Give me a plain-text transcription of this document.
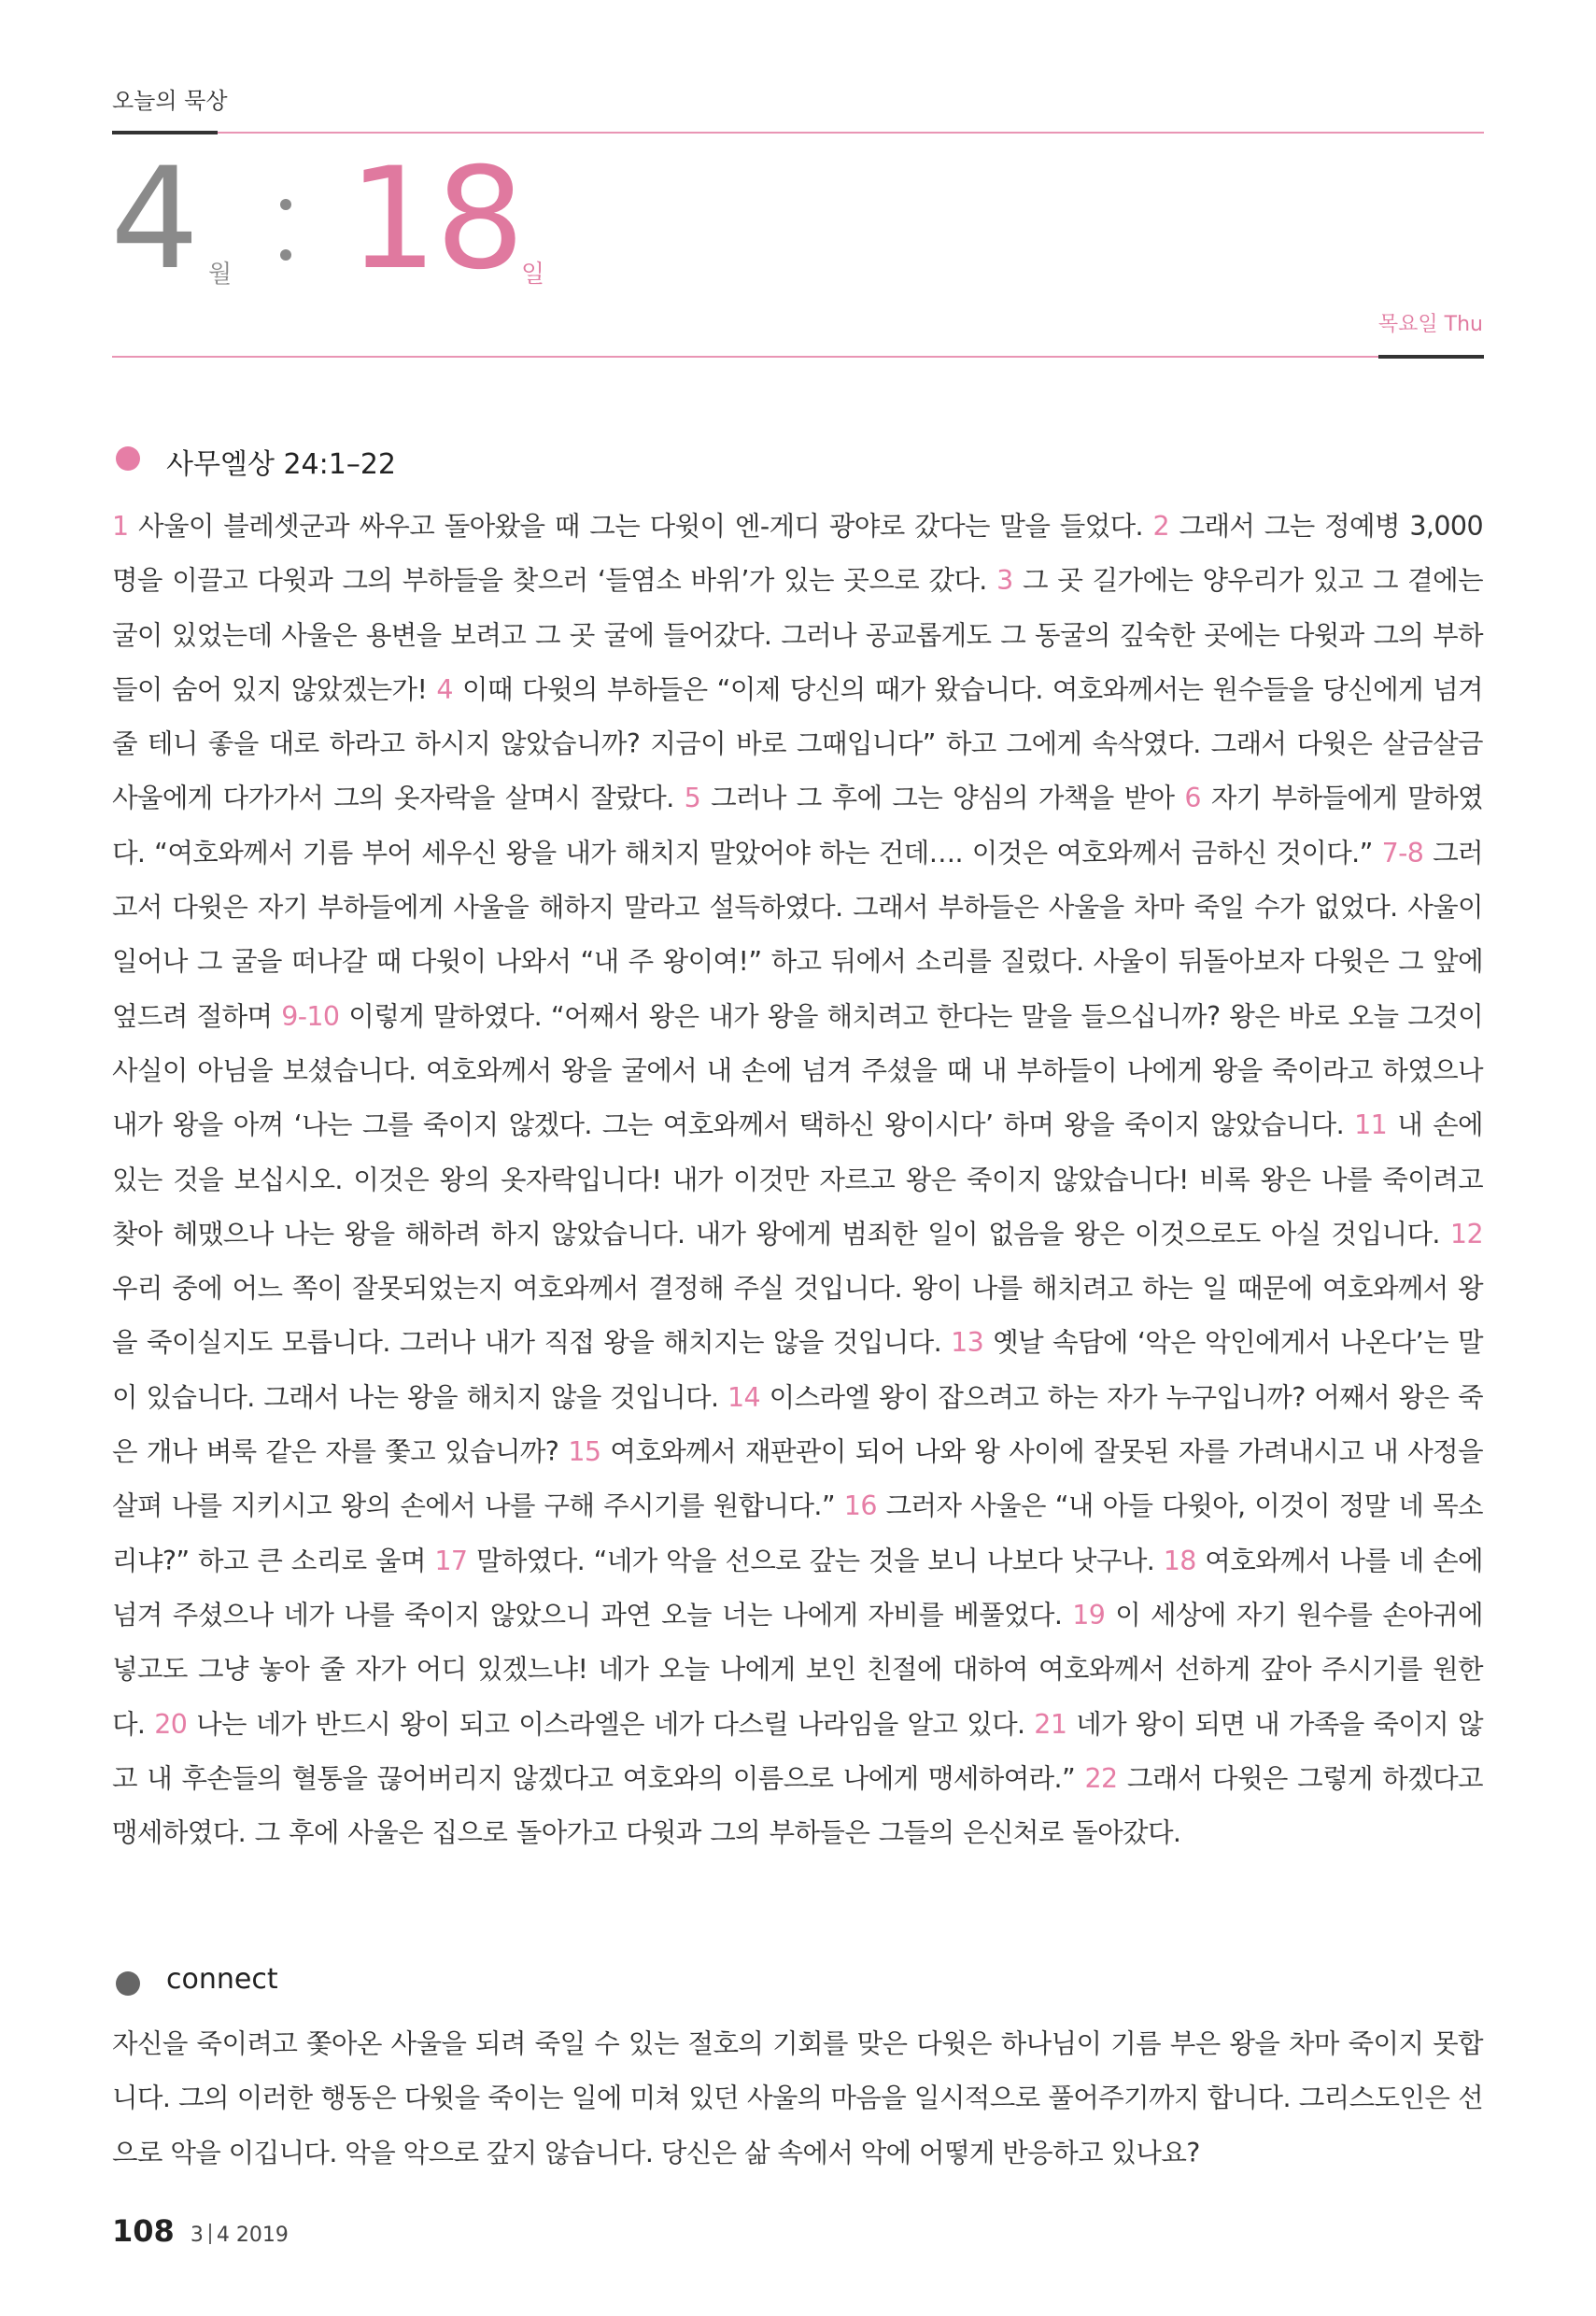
오늘의 묵상
4 월 18
일
목요일 Thu
사무엘상 24:1–22
1 사울이 블레셋군과 싸우고 돌아왔을 때 그는 다윗이 엔-게디 광야로 갔다는 말을 들었다. 2 그래서 그는 정예병 3,000명을 이끌고 다윗과 그의 부하들을 찾으러 ‘들염소 바위’가 있는 곳으로 갔다. 3 그 곳 길가에는 양우리가 있고 그 곁에는 굴이 있었는데 사울은 용변을 보려고 그 곳 굴에 들어갔다. 그러나 공교롭게도 그 동굴의 깊숙한 곳에는 다윗과 그의 부하들이 숨어 있지 않았겠는가! 4 이때 다윗의 부하들은 “이제 당신의 때가 왔습니다. 여호와께서는 원수들을 당신에게 넘겨 줄 테니 좋을 대로 하라고 하시지 않았습니까? 지금이 바로 그때입니다” 하고 그에게 속삭였다. 그래서 다윗은 살금살금 사울에게 다가가서 그의 옷자락을 살며시 잘랐다. 5 그러나 그 후에 그는 양심의 가책을 받아 6 자기 부하들에게 말하였다. “여호와께서 기름 부어 세우신 왕을 내가 해치지 말았어야 하는 건데…. 이것은 여호와께서 금하신 것이다.” 7-8 그러고서 다윗은 자기 부하들에게 사울을 해하지 말라고 설득하였다. 그래서 부하들은 사울을 차마 죽일 수가 없었다. 사울이 일어나 그 굴을 떠나갈 때 다윗이 나와서 “내 주 왕이여!” 하고 뒤에서 소리를 질렀다. 사울이 뒤돌아보자 다윗은 그 앞에 엎드려 절하며 9-10 이렇게 말하였다. “어째서 왕은 내가 왕을 해치려고 한다는 말을 들으십니까? 왕은 바로 오늘 그것이 사실이 아님을 보셨습니다. 여호와께서 왕을 굴에서 내 손에 넘겨 주셨을 때 내 부하들이 나에게 왕을 죽이라고 하였으나 내가 왕을 아껴 ‘나는 그를 죽이지 않겠다. 그는 여호와께서 택하신 왕이시다’ 하며 왕을 죽이지 않았습니다. 11 내 손에 있는 것을 보십시오. 이것은 왕의 옷자락입니다! 내가 이것만 자르고 왕은 죽이지 않았습니다! 비록 왕은 나를 죽이려고 찾아 헤맸으나 나는 왕을 해하려 하지 않았습니다. 내가 왕에게 범죄한 일이 없음을 왕은 이것으로도 아실 것입니다. 12 우리 중에 어느 쪽이 잘못되었는지 여호와께서 결정해 주실 것입니다. 왕이 나를 해치려고 하는 일 때문에 여호와께서 왕을 죽이실지도 모릅니다. 그러나 내가 직접 왕을 해치지는 않을 것입니다. 13 옛날 속담에 ‘악은 악인에게서 나온다’는 말이 있습니다. 그래서 나는 왕을 해치지 않을 것입니다. 14 이스라엘 왕이 잡으려고 하는 자가 누구입니까? 어째서 왕은 죽은 개나 벼룩 같은 자를 쫓고 있습니까? 15 여호와께서 재판관이 되어 나와 왕 사이에 잘못된 자를 가려내시고 내 사정을 살펴 나를 지키시고 왕의 손에서 나를 구해 주시기를 원합니다.” 16 그러자 사울은 “내 아들 다윗아, 이것이 정말 네 목소리냐?” 하고 큰 소리로 울며 17 말하였다. “네가 악을 선으로 갚는 것을 보니 나보다 낫구나. 18 여호와께서 나를 네 손에 넘겨 주셨으나 네가 나를 죽이지 않았으니 과연 오늘 너는 나에게 자비를 베풀었다. 19 이 세상에 자기 원수를 손아귀에 넣고도 그냥 놓아 줄 자가 어디 있겠느냐! 네가 오늘 나에게 보인 친절에 대하여 여호와께서 선하게 갚아 주시기를 원한다. 20 나는 네가 반드시 왕이 되고 이스라엘은 네가 다스릴 나라임을 알고 있다. 21 네가 왕이 되면 내 가족을 죽이지 않고 내 후손들의 혈통을 끊어버리지 않겠다고 여호와의 이름으로 나에게 맹세하여라.” 22 그래서 다윗은 그렇게 하겠다고 맹세하였다. 그 후에 사울은 집으로 돌아가고 다윗과 그의 부하들은 그들의 은신처로 돌아갔다.
connect
자신을 죽이려고 쫓아온 사울을 되려 죽일 수 있는 절호의 기회를 맞은 다윗은 하나님이 기름 부은 왕을 차마 죽이지 못합니다. 그의 이러한 행동은 다윗을 죽이는 일에 미쳐 있던 사울의 마음을 일시적으로 풀어주기까지 합니다. 그리스도인은 선으로 악을 이깁니다. 악을 악으로 갚지 않습니다. 당신은 삶 속에서 악에 어떻게 반응하고 있나요?
108 3 4 2019
